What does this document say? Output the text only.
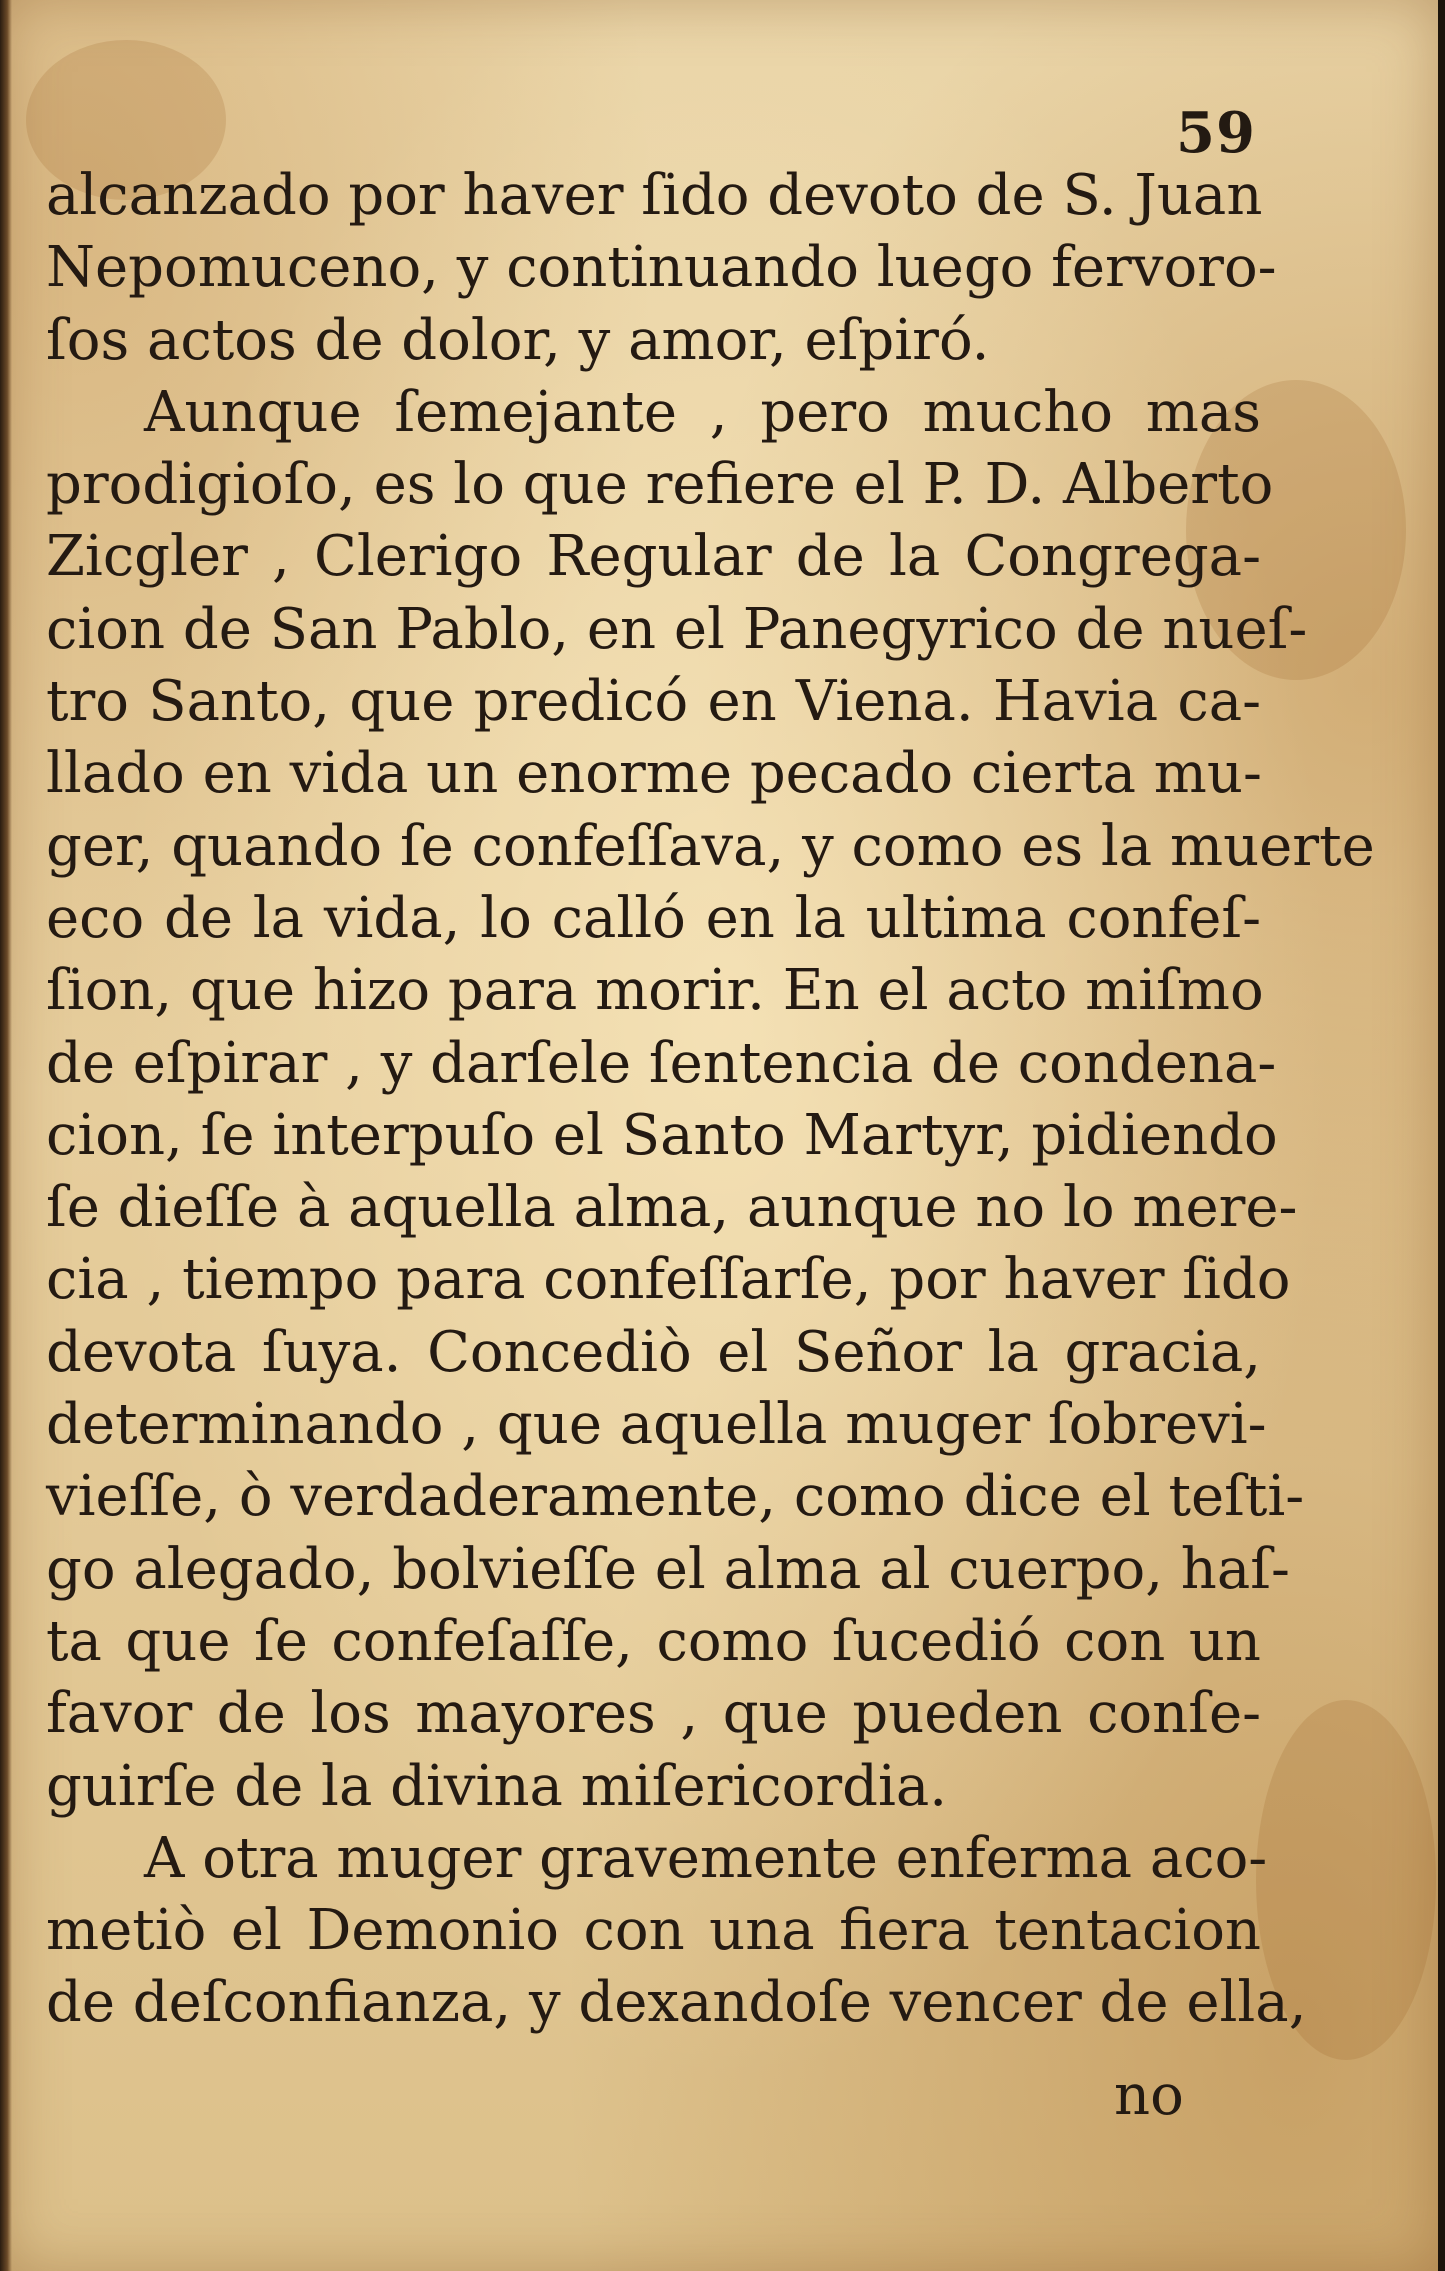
59
alcanzado por haver ſido devoto de S. Juan
Nepomuceno, y continuando luego fervoro-
ſos actos de dolor, y amor, eſpiró.
Aunque ſemejante , pero mucho mas
prodigioſo, es lo que refiere el P. D. Alberto
Zicgler , Clerigo Regular de la Congrega-
cion de San Pablo, en el Panegyrico de nueſ-
tro Santo, que predicó en Viena. Havia ca-
llado en vida un enorme pecado cierta mu-
ger, quando ſe confeſſava, y como es la muerte
eco de la vida, lo calló en la ultima confeſ-
ſion, que hizo para morir. En el acto miſmo
de eſpirar , y darſele ſentencia de condena-
cion, ſe interpuſo el Santo Martyr, pidiendo
ſe dieſſe à aquella alma, aunque no lo mere-
cia , tiempo para confeſſarſe, por haver ſido
devota ſuya. Concediò el Señor la gracia,
determinando , que aquella muger ſobrevi-
vieſſe, ò verdaderamente, como dice el teſti-
go alegado, bolvieſſe el alma al cuerpo, haſ-
ta que ſe confeſaſſe, como ſucedió con un
favor de los mayores , que pueden conſe-
guirſe de la divina miſericordia.
A otra muger gravemente enferma aco-
metiò el Demonio con una fiera tentacion
de deſconfianza, y dexandoſe vencer de ella,
no
